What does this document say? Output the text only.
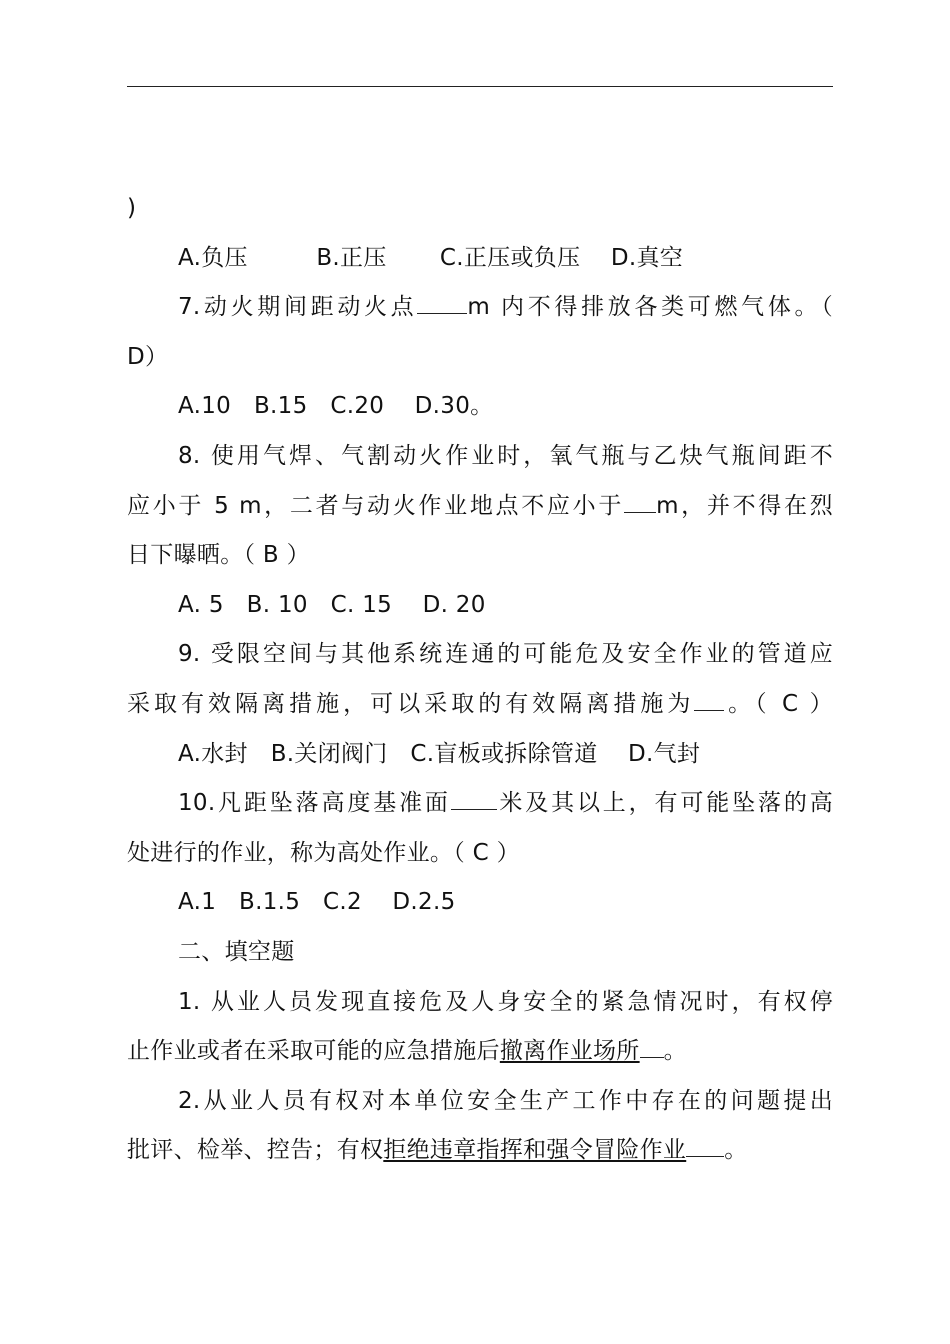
)
A.负压	B.正压 C.正压或负压 D.真空
7.动火期间距动火点 m 内不得排放各类可燃气体。（
D）
A.10 B.15 C.20 D.30。
8. 使用气焊、气割动火作业时，氧气瓶与乙炔气瓶间距不
应小于 5 m，二者与动火作业地点不应小于 m，并不得在烈
日下曝晒。（ B ）
A. 5 B. 10 C. 15 D. 20
9. 受限空间与其他系统连通的可能危及安全作业的管道应
采取有效隔离措施，可以采取的有效隔离措施为 。（ C ）
A.水封 B.关闭阀门 C.盲板或拆除管道 D.气封
10.凡距坠落高度基准面 米及其以上，有可能坠落的高
处进行的作业，称为高处作业。（ C ）
A.1 B.1.5 C.2 D.2.5
二、填空题
1. 从业人员发现直接危及人身安全的紧急情况时，有权停
止作业或者在采取可能的应急措施后撤离作业场所 。
2.从业人员有权对本单位安全生产工作中存在的问题提出
批评、检举、控告；有权拒绝违章指挥和强令冒险作业 。
